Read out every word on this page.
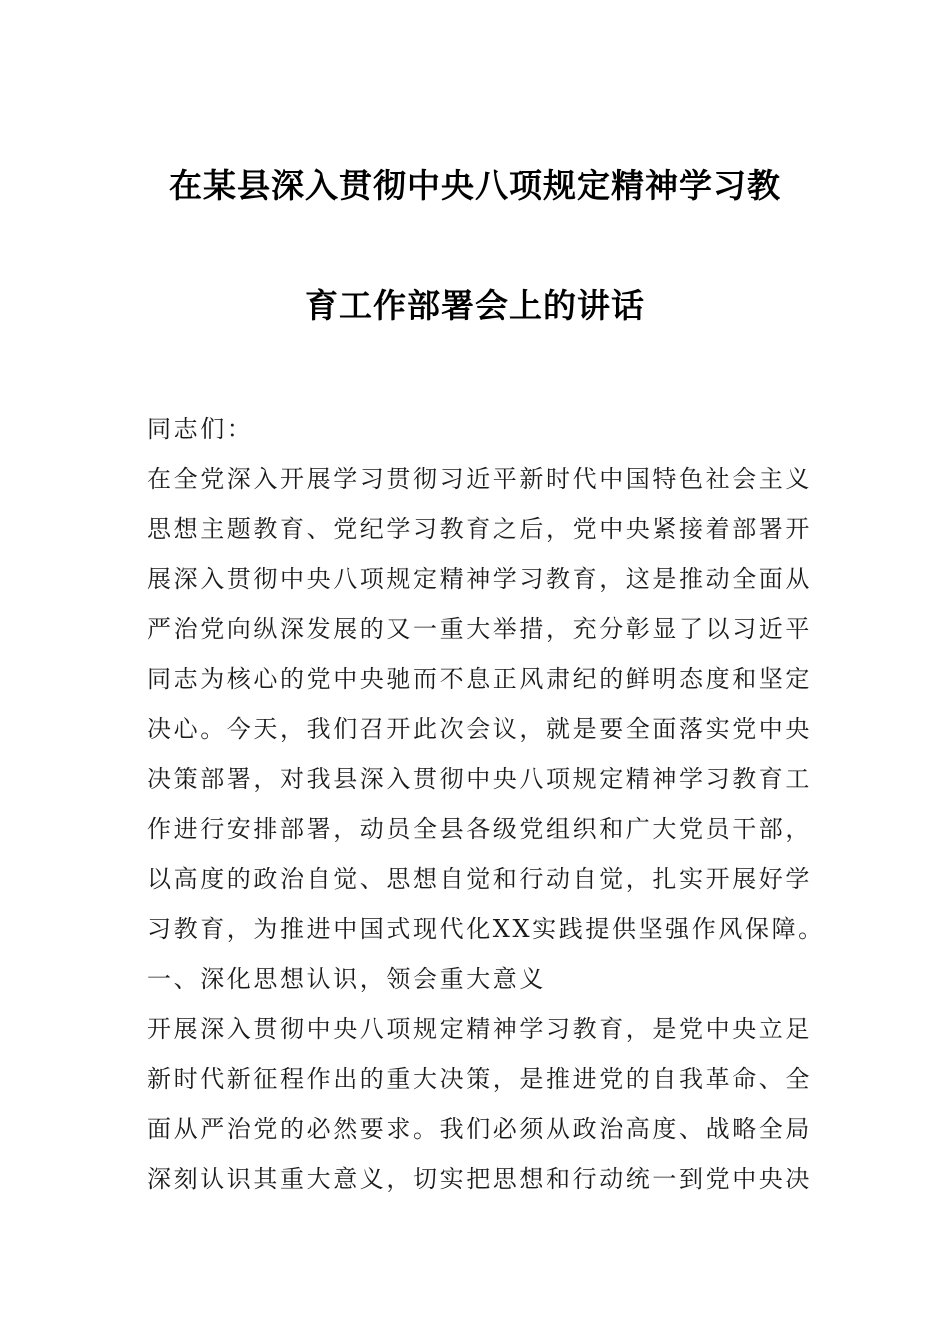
在某县深入贯彻中央八项规定精神学习教
育工作部署会上的讲话
同志们：
在全党深入开展学习贯彻习近平新时代中国特色社会主义
思想主题教育、党纪学习教育之后，党中央紧接着部署开
展深入贯彻中央八项规定精神学习教育，这是推动全面从
严治党向纵深发展的又一重大举措，充分彰显了以习近平
同志为核心的党中央驰而不息正风肃纪的鲜明态度和坚定
决心。今天，我们召开此次会议，就是要全面落实党中央
决策部署，对我县深入贯彻中央八项规定精神学习教育工
作进行安排部署，动员全县各级党组织和广大党员干部，
以高度的政治自觉、思想自觉和行动自觉，扎实开展好学
习教育，为推进中国式现代化XX实践提供坚强作风保障。
一、深化思想认识，领会重大意义
开展深入贯彻中央八项规定精神学习教育，是党中央立足
新时代新征程作出的重大决策，是推进党的自我革命、全
面从严治党的必然要求。我们必须从政治高度、战略全局
深刻认识其重大意义，切实把思想和行动统一到党中央决
